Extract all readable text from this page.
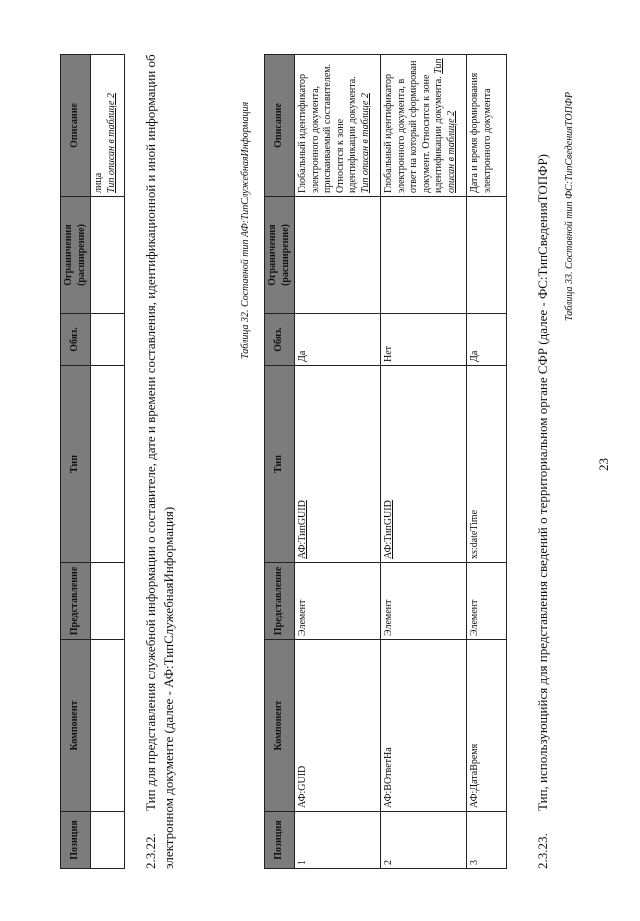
23
Позиция	Компонент	Представление	Тип	Обяз.	Ограничения (расширение)	Описание

						лица Тип описан в таблице 2
2.3.22.Тип для представления служебной информации о составителе, дате и времени составления, идентификационной и иной информации об электронном документе (далее - АФ:ТипСлужебнаяИнформация)
Таблица 32. Составной тип АФ:ТипСлужебнаяИнформация
Позиция	Компонент	Представление	Тип	Обяз.	Ограничения (расширение)	Описание
1	АФ:GUID	Элемент	АФ:ТипGUID	Да		Глобальный идентификатор электронного документа, присваиваемый составителем. Относится к зоне идентификации документа. Тип описан в таблице 2

2	АФ:ВОтветНа	Элемент	АФ:ТипGUID	Нет		Глобальный идентификатор электронного документа, в ответ на который сформирован документ. Относится к зоне идентификации документа. Тип описан в таблице 2
3	АФ:ДатаВремя	Элемент	xs:dateTime	Да		Дата и время формирования электронного документа
2.3.23.Тип, использующийся для представления сведений о территориальном органе СФР (далее - ФС:ТипСведенияТОПФР) Таблица 33. Составной тип ФС:ТипСведенияТОПФР
